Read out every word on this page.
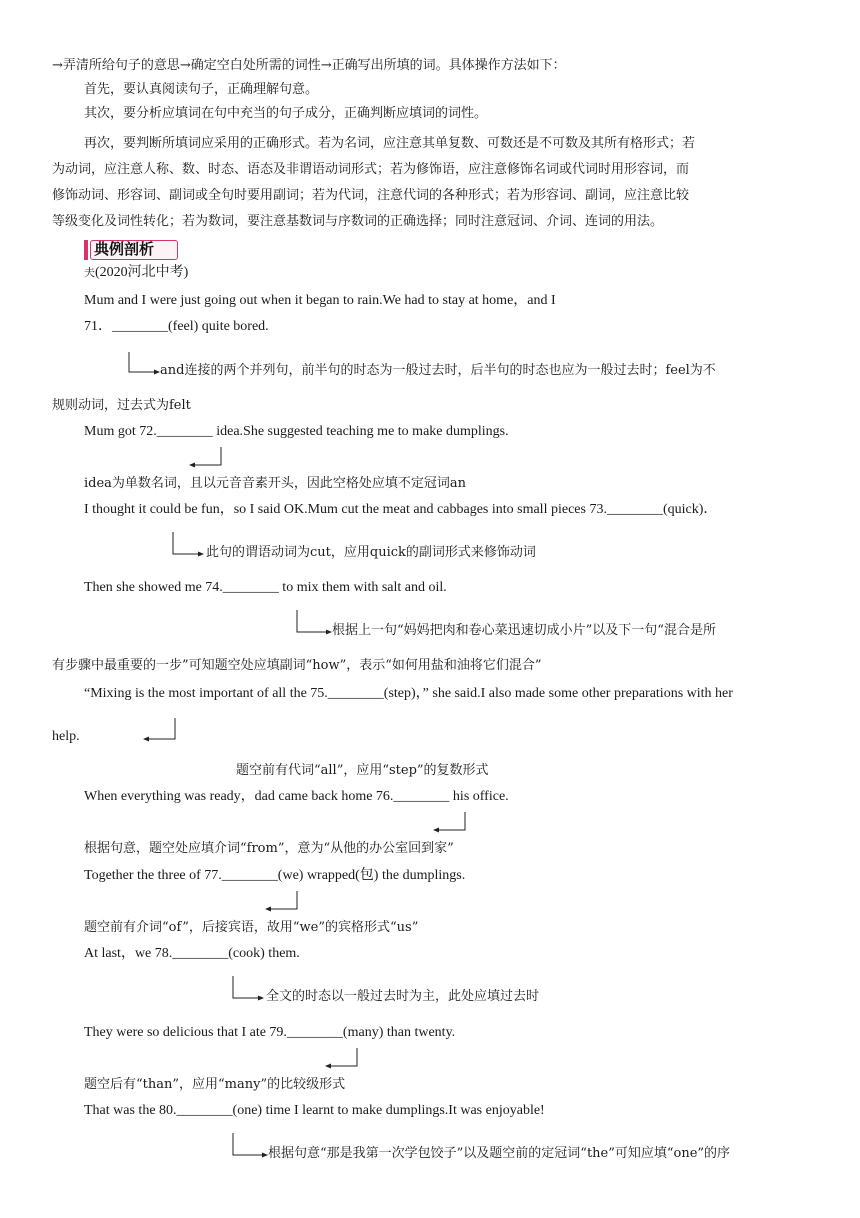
→弄清所给句子的意思→确定空白处所需的词性→正确写出所填的词。具体操作方法如下：
首先，要认真阅读句子，正确理解句意。
其次，要分析应填词在句中充当的句子成分，正确判断应填词的词性。
再次，要判断所填词应采用的正确形式。若为名词，应注意其单复数、可数还是不可数及其所有格形式；若
为动词，应注意人称、数、时态、语态及非谓语动词形式；若为修饰语，应注意修饰名词或代词时用形容词，而
修饰动词、形容词、副词或全句时要用副词；若为代词，注意代词的各种形式；若为形容词、副词，应注意比较
等级变化及词性转化；若为数词，要注意基数词与序数词的正确选择；同时注意冠词、介词、连词的用法。
典例剖析
夫(2020河北中考)
Mum and I were just going out when it began to rain.We had to stay at home，and I
71．________(feel) quite bored.
and连接的两个并列句，前半句的时态为一般过去时，后半句的时态也应为一般过去时；feel为不
规则动词，过去式为felt
Mum got 72.________ idea.She suggested teaching me to make dumplings.
idea为单数名词，且以元音音素开头，因此空格处应填不定冠词an
I thought it could be fun，so I said OK.Mum cut the meat and cabbages into small pieces 73.________(quick)．
此句的谓语动词为cut，应用quick的副词形式来修饰动词
Then she showed me 74.________ to mix them with salt and oil.
根据上一句“妈妈把肉和卷心菜迅速切成小片”以及下一句“混合是所
有步骤中最重要的一步”可知题空处应填副词“how”，表示“如何用盐和油将它们混合”
“Mixing is the most important of all the 75.________(step)，” she said.I also made some other preparations with her
help.
题空前有代词“all”，应用“step”的复数形式
When everything was ready，dad came back home 76.________ his office.
根据句意，题空处应填介词“from”，意为“从他的办公室回到家”
Together the three of 77.________(we) wrapped(包) the dumplings.
题空前有介词“of”，后接宾语，故用“we”的宾格形式“us”
At last，we 78.________(cook) them.
全文的时态以一般过去时为主，此处应填过去时
They were so delicious that I ate 79.________(many) than twenty.
题空后有“than”，应用“many”的比较级形式
That was the 80.________(one) time I learnt to make dumplings.It was enjoyable!
根据句意“那是我第一次学包饺子”以及题空前的定冠词“the”可知应填“one”的序
